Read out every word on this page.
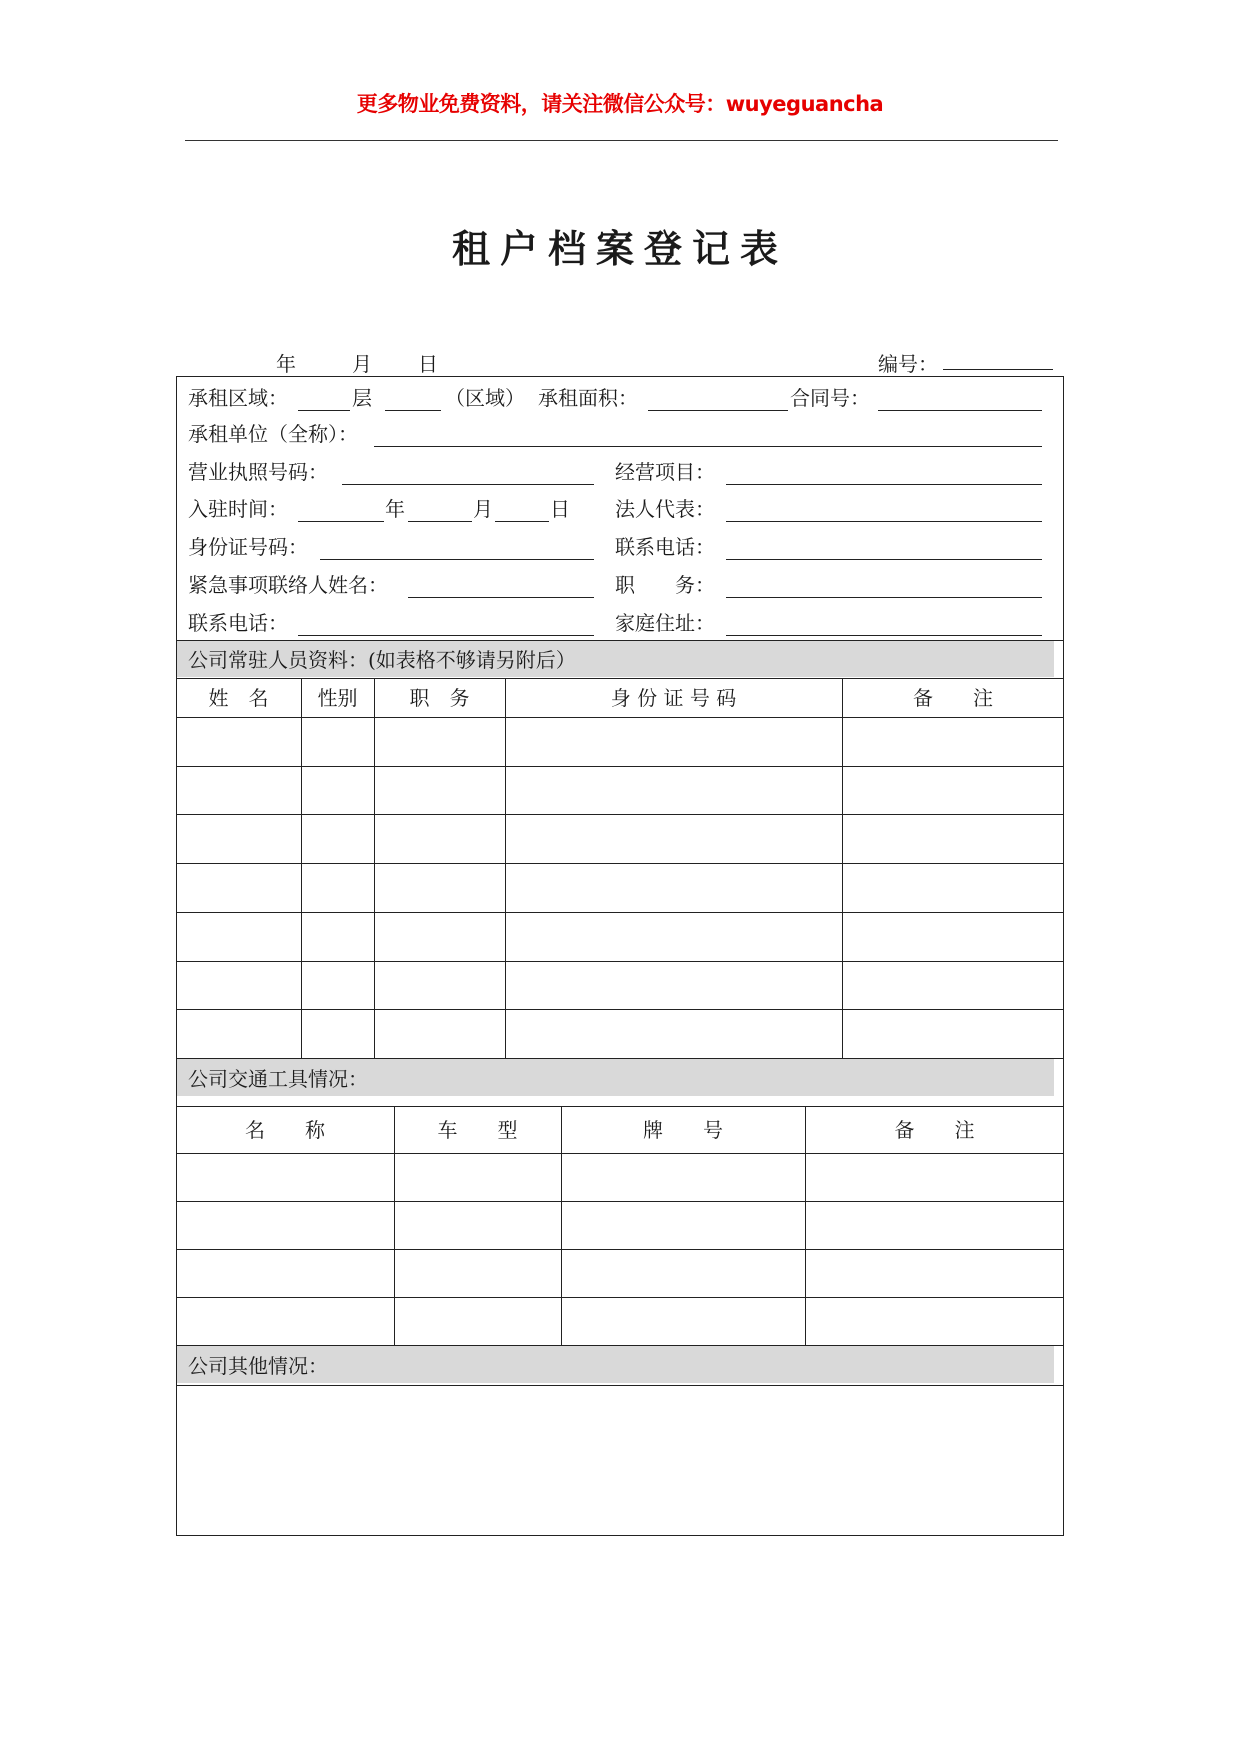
更多物业免费资料，请关注微信公众号：wuyeguancha
租户档案登记表
年	月 日	编号：
承租区域：	层	（区域） 承租面积：	合同号：
承租单位（全称）：
营业执照号码：	经营项目：
入驻时间：	年	月	日 法人代表：
身份证号码：	联系电话：
紧急事项联络人姓名：	职　　务：
联系电话：	家庭住址：
公司常驻人员资料：(如表格不够请另附后）
姓　名	性别	职　务	身 份 证 号 码	备　　注
公司交通工具情况：
名　　称	车　　型	牌　　号	备　　注
公司其他情况：
